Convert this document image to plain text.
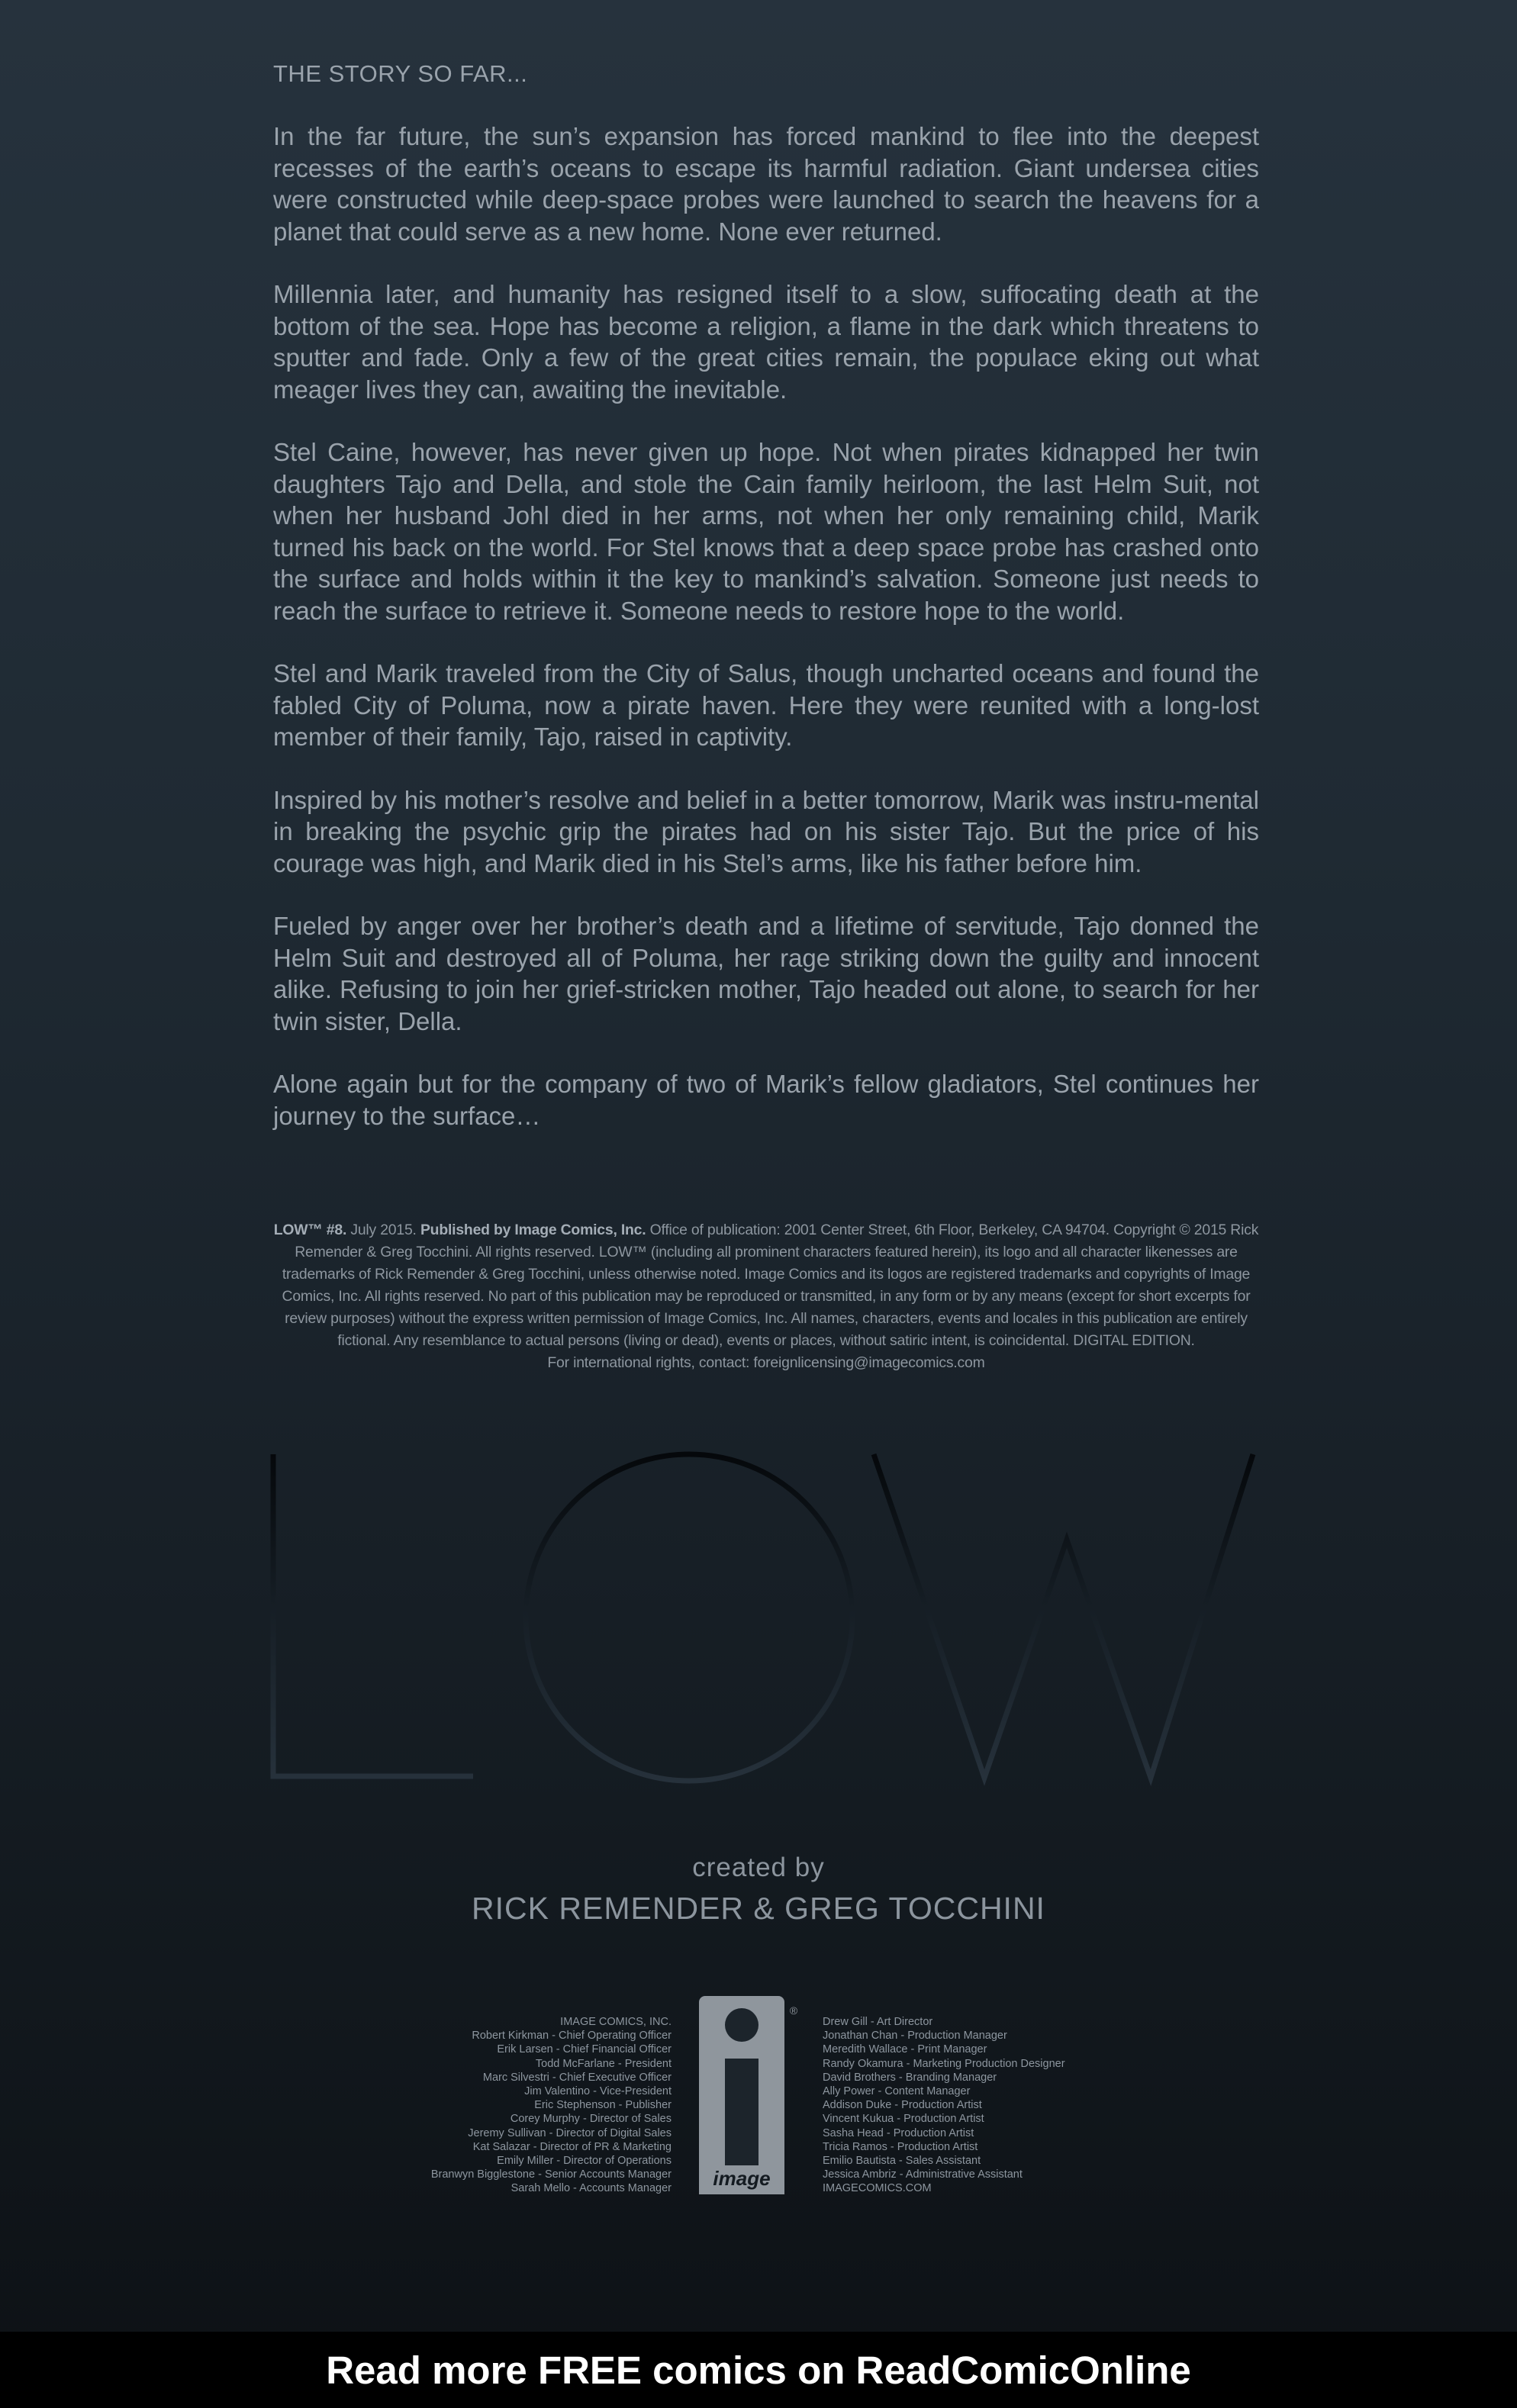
THE STORY SO FAR...

In the far future, the sun’s expansion has forced mankind to flee into the deepest recesses of the earth’s oceans to escape its harmful radiation. Giant undersea cities were constructed while deep-space probes were launched to search the heavens for a planet that could serve as a new home. None ever returned.

Millennia later, and humanity has resigned itself to a slow, suffocating death at the bottom of the sea. Hope has become a religion, a flame in the dark which threatens to sputter and fade. Only a few of the great cities remain, the populace eking out what meager lives they can, awaiting the inevitable.

Stel Caine, however, has never given up hope. Not when pirates kidnapped her twin daughters Tajo and Della, and stole the Cain family heirloom, the last Helm Suit, not when her husband Johl died in her arms, not when her only remaining child, Marik turned his back on the world. For Stel knows that a deep space probe has crashed onto the surface and holds within it the key to mankind’s salvation. Someone just needs to reach the surface to retrieve it. Someone needs to restore hope to the world.

Stel and Marik traveled from the City of Salus, though uncharted oceans and found the fabled City of Poluma, now a pirate haven. Here they were reunited with a long-lost member of their family, Tajo, raised in captivity.

Inspired by his mother’s resolve and belief in a better tomorrow, Marik was instru-mental in breaking the psychic grip the pirates had on his sister Tajo. But the price of his courage was high, and Marik died in his Stel’s arms, like his father before him.

Fueled by anger over her brother’s death and a lifetime of servitude, Tajo donned the Helm Suit and destroyed all of Poluma, her rage striking down the guilty and innocent alike. Refusing to join her grief-stricken mother, Tajo headed out alone, to search for her twin sister, Della.

Alone again but for the company of two of Marik’s fellow gladiators, Stel continues her journey to the surface…

LOW™ #8. July 2015. Published by Image Comics, Inc. Office of publication: 2001 Center Street, 6th Floor, Berkeley, CA 94704. Copyright © 2015 Rick Remender & Greg Tocchini. All rights reserved. LOW™ (including all prominent characters featured herein), its logo and all character likenesses are trademarks of Rick Remender & Greg Tocchini, unless otherwise noted. Image Comics and its logos are registered trademarks and copyrights of Image Comics, Inc. All rights reserved. No part of this publication may be reproduced or transmitted, in any form or by any means (except for short excerpts for review purposes) without the express written permission of Image Comics, Inc. All names, characters, events and locales in this publication are entirely fictional. Any resemblance to actual persons (living or dead), events or places, without satiric intent, is coincidental. DIGITAL EDITION.

For international rights, contact: foreignlicensing@imagecomics.com

created by
RICK REMENDER & GREG TOCCHINI
IMAGE COMICS, INC.
Robert Kirkman - Chief Operating Officer
Erik Larsen - Chief Financial Officer
Todd McFarlane - President
Marc Silvestri - Chief Executive Officer
Jim Valentino - Vice-President
Eric Stephenson - Publisher
Corey Murphy - Director of Sales
Jeremy Sullivan - Director of Digital Sales
Kat Salazar - Director of PR & Marketing
Emily Miller - Director of Operations
Branwyn Bigglestone - Senior Accounts Manager
Sarah Mello - Accounts Manager image
®
Drew Gill - Art Director
Jonathan Chan - Production Manager
Meredith Wallace - Print Manager
Randy Okamura - Marketing Production Designer
David Brothers - Branding Manager
Ally Power - Content Manager
Addison Duke - Production Artist
Vincent Kukua - Production Artist
Sasha Head - Production Artist
Tricia Ramos - Production Artist
Emilio Bautista - Sales Assistant
Jessica Ambriz - Administrative Assistant
IMAGECOMICS.COM
Read more FREE comics on ReadComicOnline
